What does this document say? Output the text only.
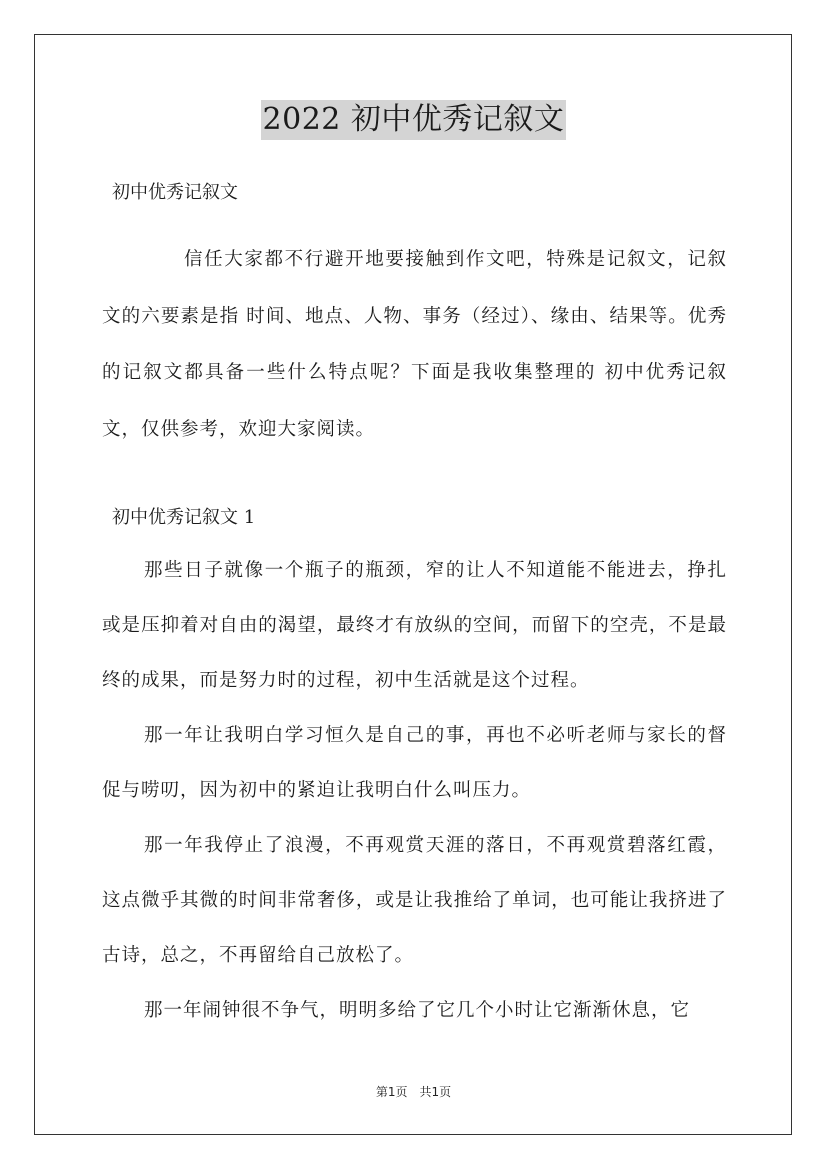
2022 初中优秀记叙文
初中优秀记叙文
信任大家都不行避开地要接触到作文吧，特殊是记叙文，记叙文的六要素是指 时间、地点、人物、事务（经过）、缘由、结果等。优秀的记叙文都具备一些什么特点呢？下面是我收集整理的 初中优秀记叙文，仅供参考，欢迎大家阅读。
初中优秀记叙文 1

那些日子就像一个瓶子的瓶颈，窄的让人不知道能不能进去，挣扎或是压抑着对自由的渴望，最终才有放纵的空间，而留下的空壳，不是最终的成果，而是努力时的过程，初中生活就是这个过程。

那一年让我明白学习恒久是自己的事，再也不必听老师与家长的督促与唠叨，因为初中的紧迫让我明白什么叫压力。

那一年我停止了浪漫，不再观赏天涯的落日，不再观赏碧落红霞，这点微乎其微的时间非常奢侈，或是让我推给了单词，也可能让我挤进了古诗，总之，不再留给自己放松了。

那一年闹钟很不争气，明明多给了它几个小时让它渐渐休息，它

第1页　共1页
